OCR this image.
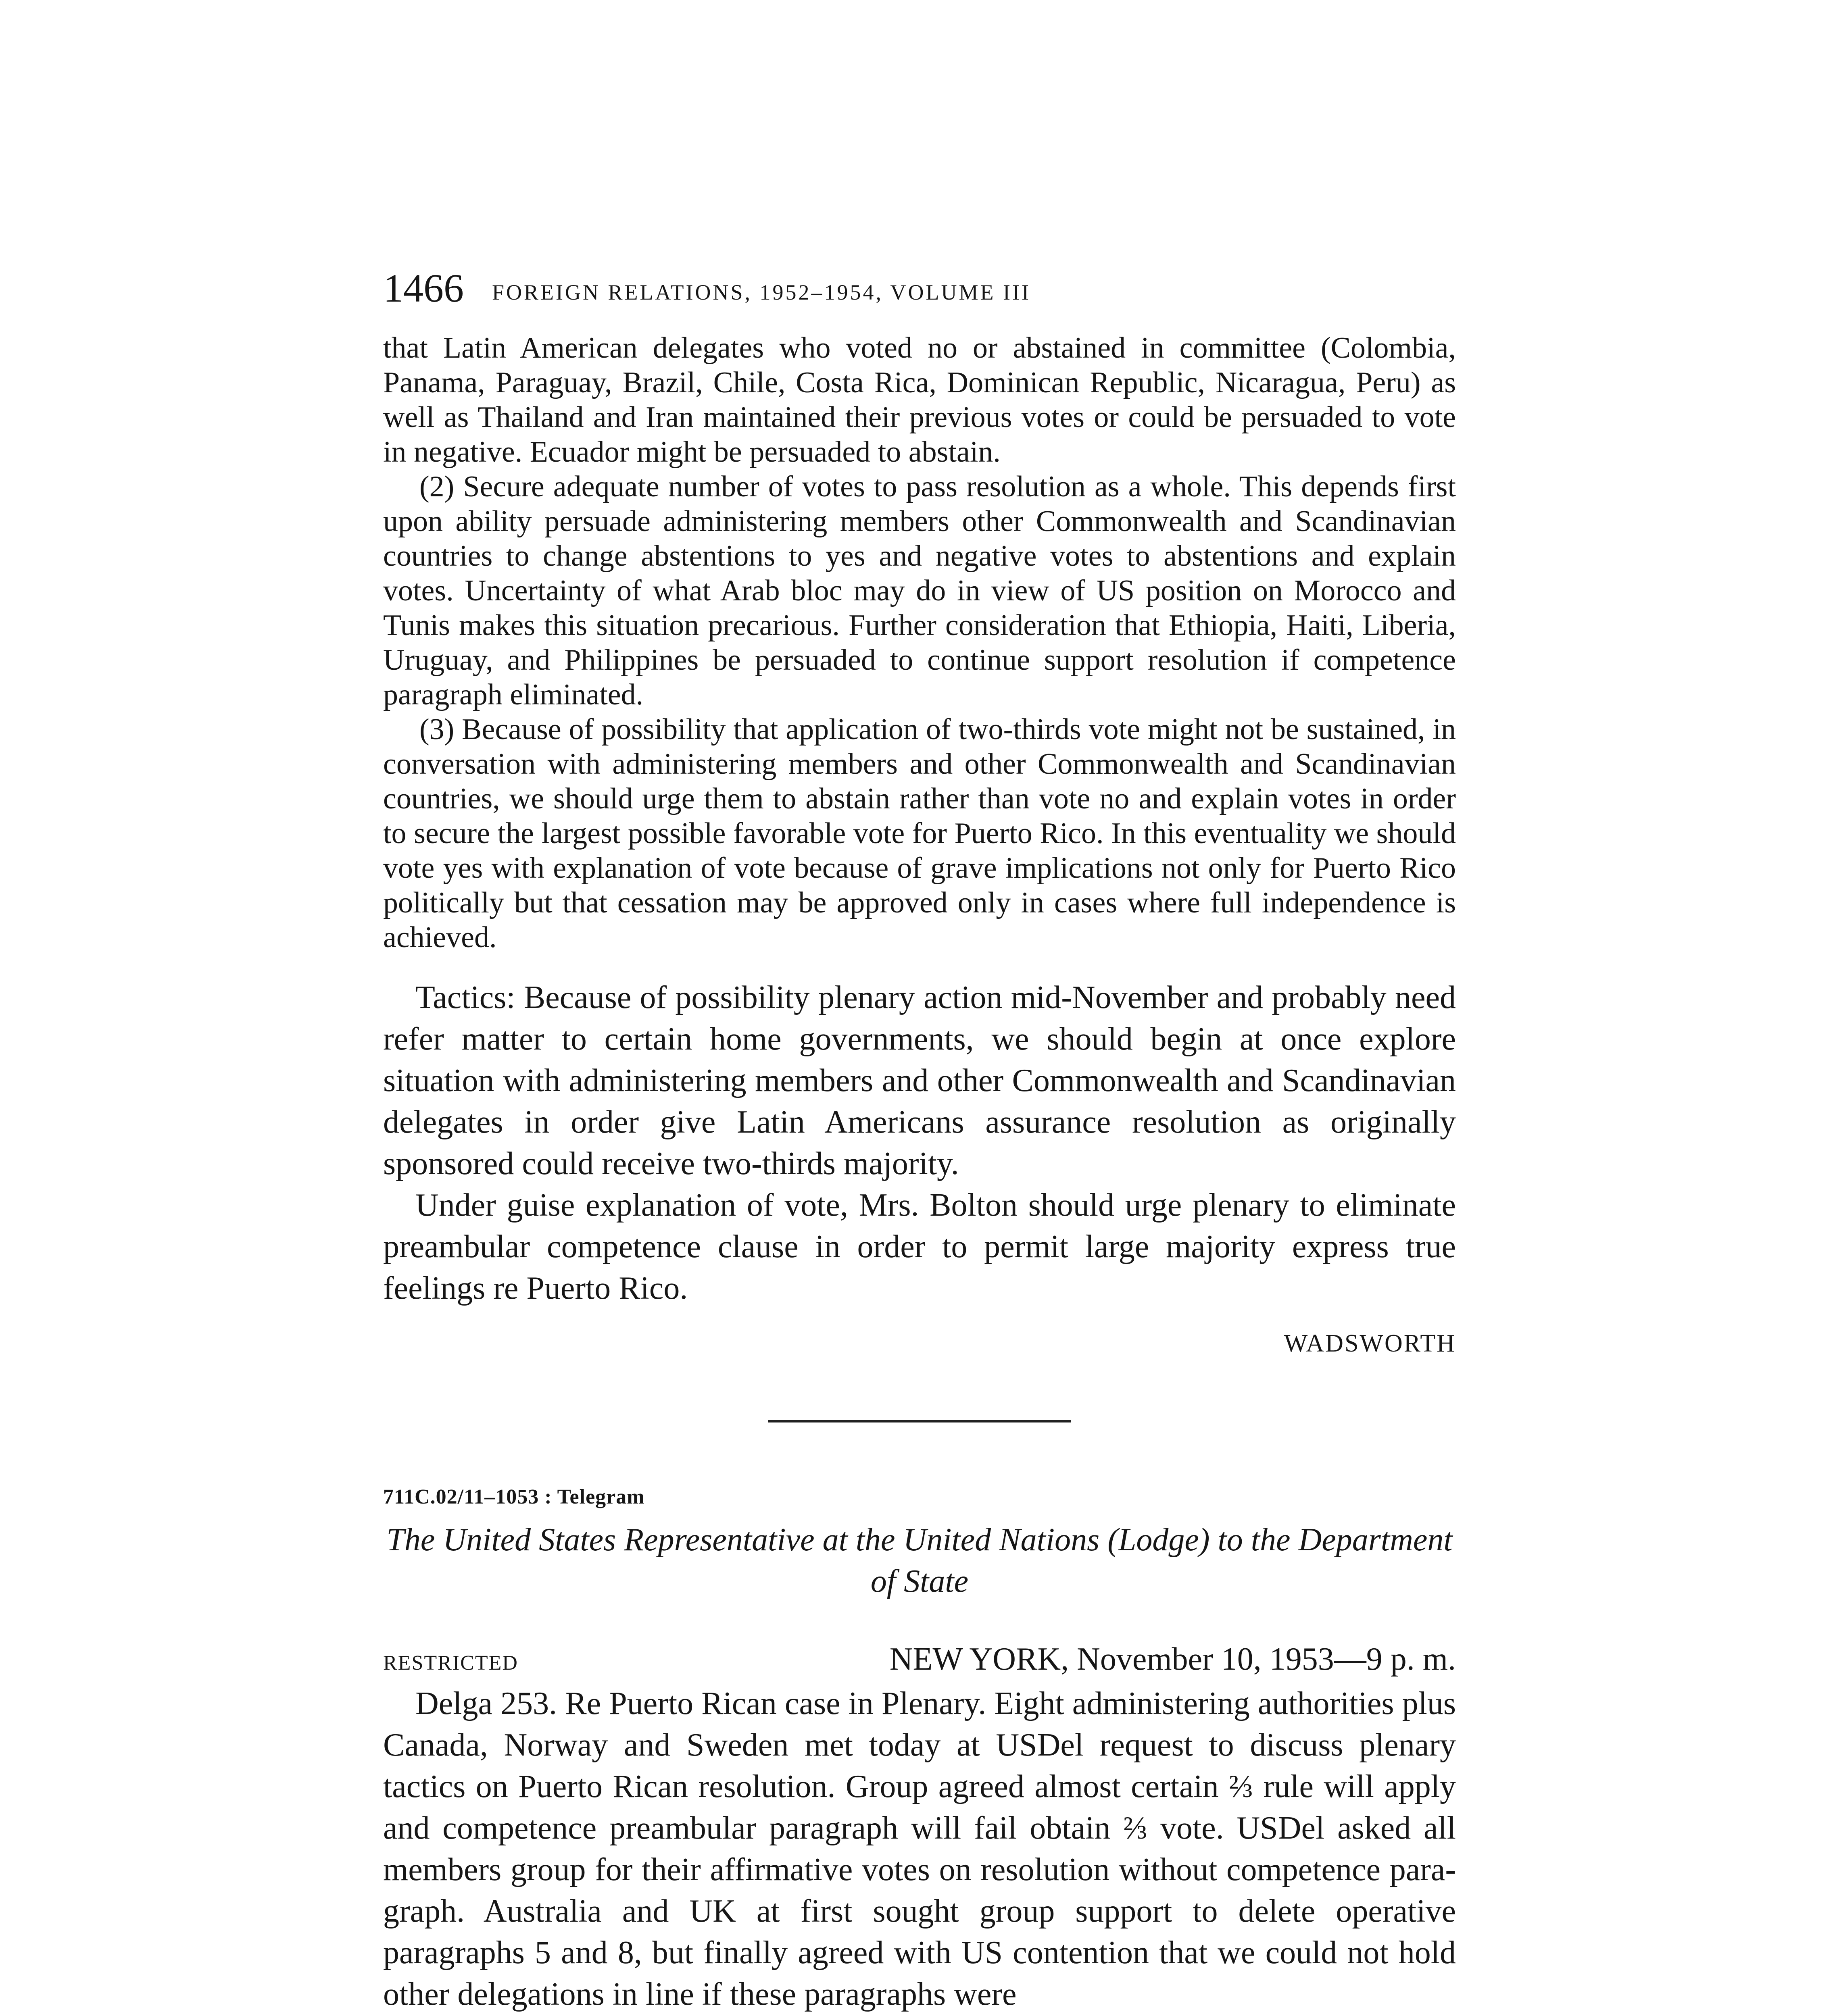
1466 FOREIGN RELATIONS, 1952–1954, VOLUME III

that Latin American delegates who voted no or abstained in committee (Colombia, Panama, Paraguay, Brazil, Chile, Costa Rica, Dominican Republic, Nicaragua, Peru) as well as Thailand and Iran maintained their previous votes or could be persuaded to vote in negative. Ecuador might be persuaded to abstain.

(2) Secure adequate number of votes to pass resolution as a whole. This depends first upon ability persuade administering members other Commonwealth and Scandinavian countries to change abstentions to yes and negative votes to abstentions and explain votes. Uncertainty of what Arab bloc may do in view of US position on Morocco and Tunis makes this situation precarious. Further consideration that Ethiopia, Haiti, Liberia, Uruguay, and Philippines be persuaded to continue support resolution if competence paragraph eliminated.

(3) Because of possibility that application of two-thirds vote might not be sustained, in conversation with administering members and other Commonwealth and Scandinavian countries, we should urge them to abstain rather than vote no and explain votes in order to secure the largest possible favorable vote for Puerto Rico. In this eventuality we should vote yes with explanation of vote because of grave implications not only for Puerto Rico politically but that cessation may be approved only in cases where full independence is achieved.

Tactics: Because of possibility plenary action mid-November and probably need refer matter to certain home governments, we should begin at once explore situation with administering members and other Commonwealth and Scandinavian delegates in order give Latin Americans assurance resolution as originally sponsored could receive two-thirds majority.

Under guise explanation of vote, Mrs. Bolton should urge plenary to eliminate preambular competence clause in order to permit large majority express true feelings re Puerto Rico.

WADSWORTH
711C.02/11–1053 : Telegram
The United States Representative at the United Nations (Lodge) to the Department of State
RESTRICTED	NEW YORK, November 10, 1953—9 p. m.

Delga 253. Re Puerto Rican case in Plenary. Eight administering authorities plus Canada, Norway and Sweden met today at USDel request to discuss plenary tactics on Puerto Rican resolution. Group agreed almost certain ⅔ rule will apply and competence preambular paragraph will fail obtain ⅔ vote. USDel asked all members group for their affirmative votes on resolution without competence paragraph. Australia and UK at first sought group support to delete operative paragraphs 5 and 8, but finally agreed with US contention that we could not hold other delegations in line if these paragraphs were
